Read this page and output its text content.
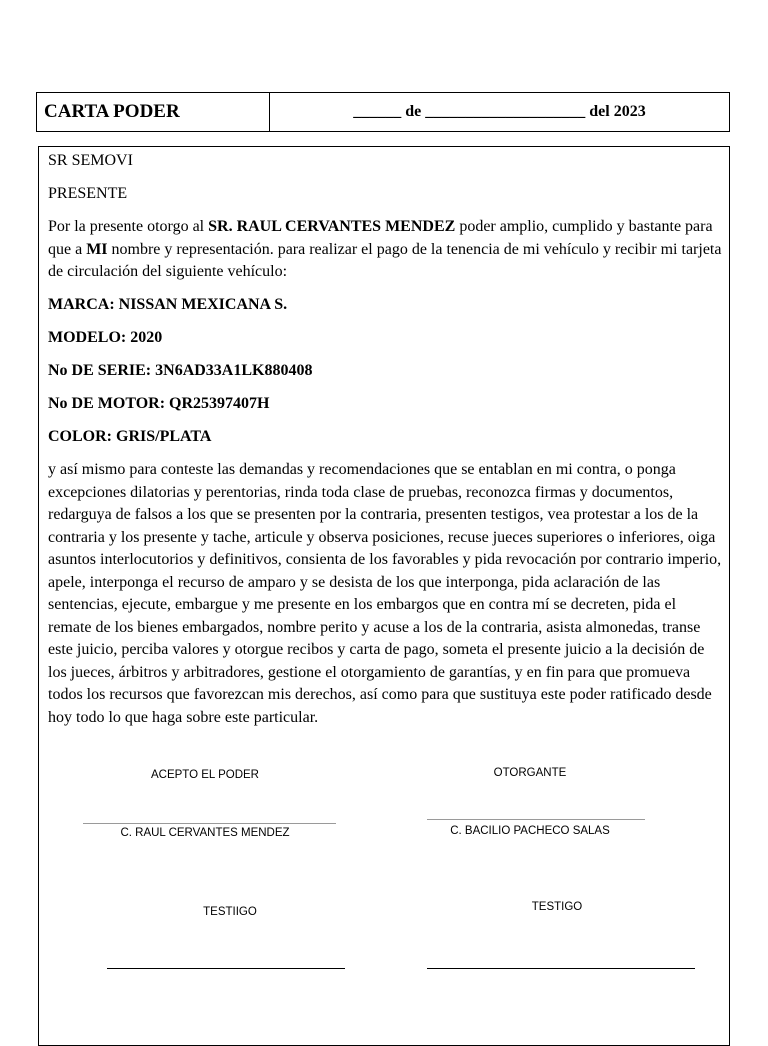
CARTA PODER	______ de ____________________ del 2023

SR SEMOVI

PRESENTE

Por la presente otorgo al SR. RAUL CERVANTES MENDEZ poder amplio, cumplido y bastante para que a MI nombre y representación. para realizar el pago de la tenencia de mi vehículo y recibir mi tarjeta de circulación del siguiente vehículo:

MARCA: NISSAN MEXICANA S.

MODELO: 2020

No DE SERIE: 3N6AD33A1LK880408

No DE MOTOR: QR25397407H

COLOR: GRIS/PLATA

y así mismo para conteste las demandas y recomendaciones que se entablan en mi contra, o ponga excepciones dilatorias y perentorias, rinda toda clase de pruebas, reconozca firmas y documentos, redarguya de falsos a los que se presenten por la contraria, presenten testigos, vea protestar a los de la contraria y los presente y tache, articule y observa posiciones, recuse jueces superiores o inferiores, oiga asuntos interlocutorios y definitivos, consienta de los favorables y pida revocación por contrario imperio, apele, interponga el recurso de amparo y se desista de los que interponga, pida aclaración de las sentencias, ejecute, embargue y me presente en los embargos que en contra mí se decreten, pida el remate de los bienes embargados, nombre perito y acuse a los de la contraria, asista almonedas, transe este juicio, perciba valores y otorgue recibos y carta de pago, someta el presente juicio a la decisión de los jueces, árbitros y arbitradores, gestione el otorgamiento de garantías, y en fin para que promueva todos los recursos que favorezcan mis derechos, así como para que sustituya este poder ratificado desde hoy todo lo que haga sobre este particular.

ACEPTO EL PODER	OTORGANTE
C. RAUL CERVANTES MENDEZ	C. BACILIO PACHECO SALAS
TESTIIGO	TESTIGO
